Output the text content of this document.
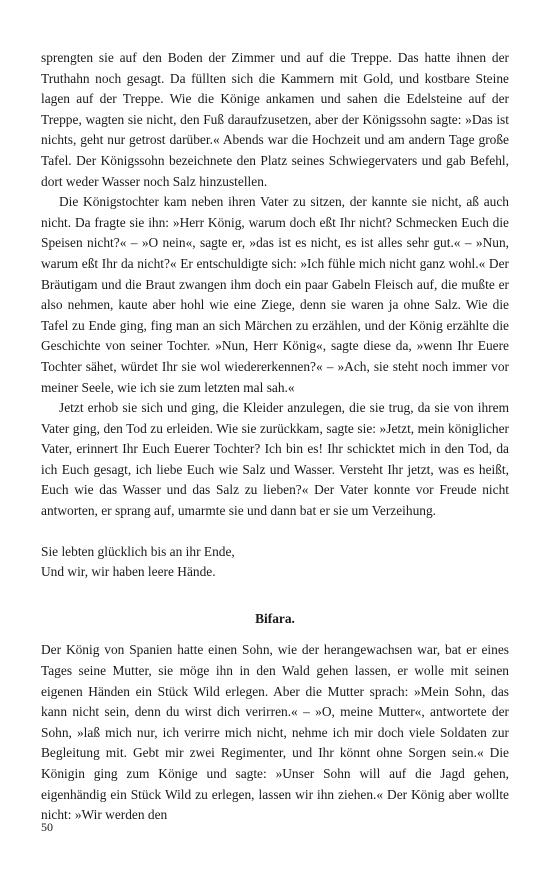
sprengten sie auf den Boden der Zimmer und auf die Treppe. Das hatte ihnen der Truthahn noch gesagt. Da füllten sich die Kammern mit Gold, und kostbare Steine lagen auf der Treppe. Wie die Könige ankamen und sahen die Edelsteine auf der Treppe, wagten sie nicht, den Fuß daraufzusetzen, aber der Königssohn sagte: »Das ist nichts, geht nur getrost darüber.« Abends war die Hochzeit und am andern Tage große Tafel. Der Königssohn bezeichnete den Platz seines Schwiegervaters und gab Befehl, dort weder Wasser noch Salz hinzustellen.

Die Königstochter kam neben ihren Vater zu sitzen, der kannte sie nicht, aß auch nicht. Da fragte sie ihn: »Herr König, warum doch eßt Ihr nicht? Schmecken Euch die Speisen nicht?« – »O nein«, sagte er, »das ist es nicht, es ist alles sehr gut.« – »Nun, warum eßt Ihr da nicht?« Er entschuldigte sich: »Ich fühle mich nicht ganz wohl.« Der Bräutigam und die Braut zwangen ihm doch ein paar Gabeln Fleisch auf, die mußte er also nehmen, kaute aber hohl wie eine Ziege, denn sie waren ja ohne Salz. Wie die Tafel zu Ende ging, fing man an sich Märchen zu erzählen, und der König erzählte die Geschichte von seiner Tochter. »Nun, Herr König«, sagte diese da, »wenn Ihr Euere Tochter sähet, würdet Ihr sie wol wiedererkennen?« – »Ach, sie steht noch immer vor meiner Seele, wie ich sie zum letzten mal sah.«

Jetzt erhob sie sich und ging, die Kleider anzulegen, die sie trug, da sie von ihrem Vater ging, den Tod zu erleiden. Wie sie zurückkam, sagte sie: »Jetzt, mein königlicher Vater, erinnert Ihr Euch Euerer Tochter? Ich bin es! Ihr schicktet mich in den Tod, da ich Euch gesagt, ich liebe Euch wie Salz und Wasser. Versteht Ihr jetzt, was es heißt, Euch wie das Wasser und das Salz zu lieben?« Der Vater konnte vor Freude nicht antworten, er sprang auf, umarmte sie und dann bat er sie um Verzeihung.

Sie lebten glücklich bis an ihr Ende,

Und wir, wir haben leere Hände.

Bifara.

Der König von Spanien hatte einen Sohn, wie der herangewachsen war, bat er eines Tages seine Mutter, sie möge ihn in den Wald gehen lassen, er wolle mit seinen eigenen Händen ein Stück Wild erlegen. Aber die Mutter sprach: »Mein Sohn, das kann nicht sein, denn du wirst dich verirren.« – »O, meine Mutter«, antwortete der Sohn, »laß mich nur, ich verirre mich nicht, nehme ich mir doch viele Soldaten zur Begleitung mit. Gebt mir zwei Regimenter, und Ihr könnt ohne Sorgen sein.« Die Königin ging zum Könige und sagte: »Unser Sohn will auf die Jagd gehen, eigenhändig ein Stück Wild zu erlegen, lassen wir ihn ziehen.« Der König aber wollte nicht: »Wir werden den

50
